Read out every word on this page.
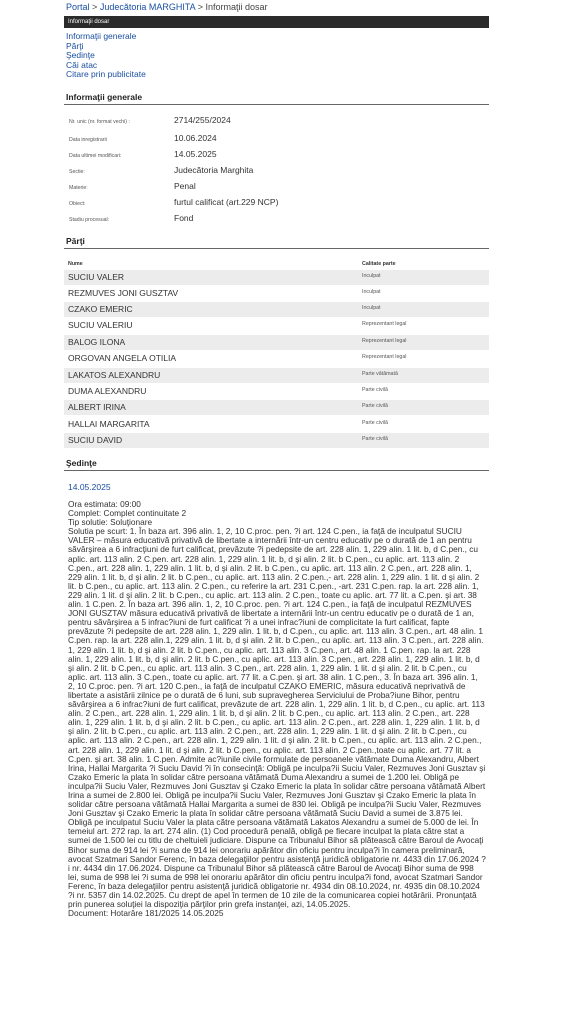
Portal > Judecătoria MARGHITA > Informaţii dosar
Informaţii dosar
Informaţii generale
Părţi
Şedinţe
Căi atac
Citare prin publicitate
Informaţii generale
Nr. unic (nr. format vechi) :	2714/255/2024
Data inregistrarii	10.06.2024
Data ultimei modificari:	14.05.2025
Sectie:	Judecătoria Marghita
Materie:	Penal
Obiect:	furtul calificat (art.229 NCP)
Stadiu procesual:	Fond
Părţi
Nume	Calitate parte
SUCIU VALER	Inculpat
REZMUVES JONI GUSZTAV	Inculpat
CZAKO EMERIC	Inculpat
SUCIU VALERIU	Reprezentant legal
BALOG ILONA	Reprezentant legal
ORGOVAN ANGELA OTILIA	Reprezentant legal
LAKATOS ALEXANDRU	Parte vătămată
DUMA ALEXANDRU	Parte civilă
ALBERT IRINA	Parte civilă
HALLAI MARGARITA	Parte civilă
SUCIU DAVID	Parte civilă
Şedinţe
14.05.2025
Ora estimata: 09:00
Complet: Complet continuitate 2
Tip solutie: Soluţionare
Solutia pe scurt: 1. În baza art. 396 alin. 1, 2, 10 C.proc. pen. ?i art. 124 C.pen., ia faţă de inculpatul SUCIU VALER – măsura educativă privativă de libertate a internării într-un centru educativ pe o durată de 1 an pentru săvârşirea a 6 infracţiuni de furt calificat, prevăzute ?i pedepsite de art. 228 alin. 1, 229 alin. 1 lit. b, d C.pen., cu aplic. art. 113 alin. 2 C.pen. art. 228 alin. 1, 229 alin. 1 lit. b, d şi alin. 2 lit. b C.pen., cu aplic. art. 113 alin. 2 C.pen., art. 228 alin. 1, 229 alin. 1 lit. b, d şi alin. 2 lit. b C.pen., cu aplic. art. 113 alin. 2 C.pen., art. 228 alin. 1, 229 alin. 1 lit. b, d şi alin. 2 lit. b C.pen., cu aplic. art. 113 alin. 2 C.pen.,- art. 228 alin. 1, 229 alin. 1 lit. d şi alin. 2 lit. b C.pen., cu aplic. art. 113 alin. 2 C.pen., cu referire la art. 231 C.pen., -art. 231 C.pen. rap. la art. 228 alin. 1, 229 alin. 1 lit. d şi alin. 2 lit. b C.pen., cu aplic. art. 113 alin. 2 C.pen., toate cu aplic. art. 77 lit. a C.pen. şi art. 38 alin. 1 C.pen. 2. În baza art. 396 alin. 1, 2, 10 C.proc. pen. ?i art. 124 C.pen., ia faţă de inculpatul REZMUVES JONI GUSZTAV măsura educativă privativă de libertate a internării într-un centru educativ pe o durată de 1 an, pentru săvârşirea a 5 infrac?iuni de furt calificat ?i a unei infrac?iuni de complicitate la furt calificat, fapte prevăzute ?i pedepsite de art. 228 alin. 1, 229 alin. 1 lit. b, d C.pen., cu aplic. art. 113 alin. 3 C.pen., art. 48 alin. 1 C.pen. rap. la art. 228 alin.1, 229 alin. 1 lit. b, d şi alin. 2 lit. b C.pen., cu aplic. art. 113 alin. 3 C.pen., art. 228 alin. 1, 229 alin. 1 lit. b, d şi alin. 2 lit. b C.pen., cu aplic. art. 113 alin. 3 C.pen., art. 48 alin. 1 C.pen. rap. la art. 228 alin. 1, 229 alin. 1 lit. b, d şi alin. 2 lit. b C.pen., cu aplic. art. 113 alin. 3 C.pen., art. 228 alin. 1, 229 alin. 1 lit. b, d şi alin. 2 lit. b C.pen., cu aplic. art. 113 alin. 3 C.pen., art. 228 alin. 1, 229 alin. 1 lit. d şi alin. 2 lit. b C.pen., cu aplic. art. 113 alin. 3 C.pen., toate cu aplic. art. 77 lit. a C.pen. şi art. 38 alin. 1 C.pen., 3. În baza art. 396 alin. 1, 2, 10 C.proc. pen. ?i art. 120 C.pen., ia faţă de inculpatul CZAKO EMERIC, măsura educativă neprivativă de libertate a asistării zilnice pe o durată de 6 luni, sub supravegherea Serviciului de Proba?iune Bihor, pentru săvârşirea a 6 infrac?iuni de furt calificat, prevăzute de art. 228 alin. 1, 229 alin. 1 lit. b, d C.pen., cu aplic. art. 113 alin. 2 C.pen., art. 228 alin. 1, 229 alin. 1 lit. b, d şi alin. 2 lit. b C.pen., cu aplic. art. 113 alin. 2 C.pen., art. 228 alin. 1, 229 alin. 1 lit. b, d şi alin. 2 lit. b C.pen., cu aplic. art. 113 alin. 2 C.pen., art. 228 alin. 1, 229 alin. 1 lit. b, d şi alin. 2 lit. b C.pen., cu aplic. art. 113 alin. 2 C.pen., art. 228 alin. 1, 229 alin. 1 lit. d şi alin. 2 lit. b C.pen., cu aplic. art. 113 alin. 2 C.pen., art. 228 alin. 1, 229 alin. 1 lit. d şi alin. 2 lit. b C.pen., cu aplic. art. 113 alin. 2 C.pen., art. 228 alin. 1, 229 alin. 1 lit. d şi alin. 2 lit. b C.pen., cu aplic. art. 113 alin. 2 C.pen.,toate cu aplic. art. 77 lit. a C.pen. şi art. 38 alin. 1 C.pen. Admite ac?iunile civile formulate de persoanele vătămate Duma Alexandru, Albert Irina, Hallai Margarita ?i Suciu David ?i în consecinţă: Obligă pe inculpa?ii Suciu Valer, Rezmuves Joni Gusztav şi Czako Emeric la plata în solidar către persoana vătămată Duma Alexandru a sumei de 1.200 lei. Obligă pe inculpa?ii Suciu Valer, Rezmuves Joni Gusztav şi Czako Emeric la plata în solidar către persoana vătămată Albert Irina a sumei de 2.800 lei. Obligă pe inculpa?ii Suciu Valer, Rezmuves Joni Gusztav şi Czako Emeric la plata în solidar către persoana vătămată Hallai Margarita a sumei de 830 lei. Obligă pe inculpa?ii Suciu Valer, Rezmuves Joni Gusztav şi Czako Emeric la plata în solidar către persoana vătămată Suciu David a sumei de 3.875 lei. Obligă pe inculpatul Suciu Valer la plata către persoana vătămată Lakatos Alexandru a sumei de 5.000 de lei. În temeiul art. 272 rap. la art. 274 alin. (1) Cod procedură penală, obligă pe fiecare inculpat la plata către stat a sumei de 1.500 lei cu titlu de cheltuieli judiciare. Dispune ca Tribunalul Bihor să plătească către Baroul de Avocaţi Bihor suma de 914 lei ?i suma de 914 lei onorariu apărător din oficiu pentru inculpa?i în camera preliminară, avocat Szatmari Sandor Ferenc, în baza delegaţiilor pentru asistenţă juridică obligatorie nr. 4433 din 17.06.2024 ?i nr. 4434 din 17.06.2024. Dispune ca Tribunalul Bihor să plătească către Baroul de Avocaţi Bihor suma de 998 lei, suma de 998 lei ?i suma de 998 lei onorariu apărător din oficiu pentru inculpa?i fond, avocat Szatmari Sandor Ferenc, în baza delegaţiilor pentru asistenţă juridică obligatorie nr. 4934 din 08.10.2024, nr. 4935 din 08.10.2024 ?i nr. 5357 din 14.02.2025. Cu drept de apel în termen de 10 zile de la comunicarea copiei hotărârii. Pronunţată prin punerea soluţiei la dispoziţia părţilor prin grefa instanţei, azi, 14.05.2025.
Document: Hotarâre 181/2025 14.05.2025
